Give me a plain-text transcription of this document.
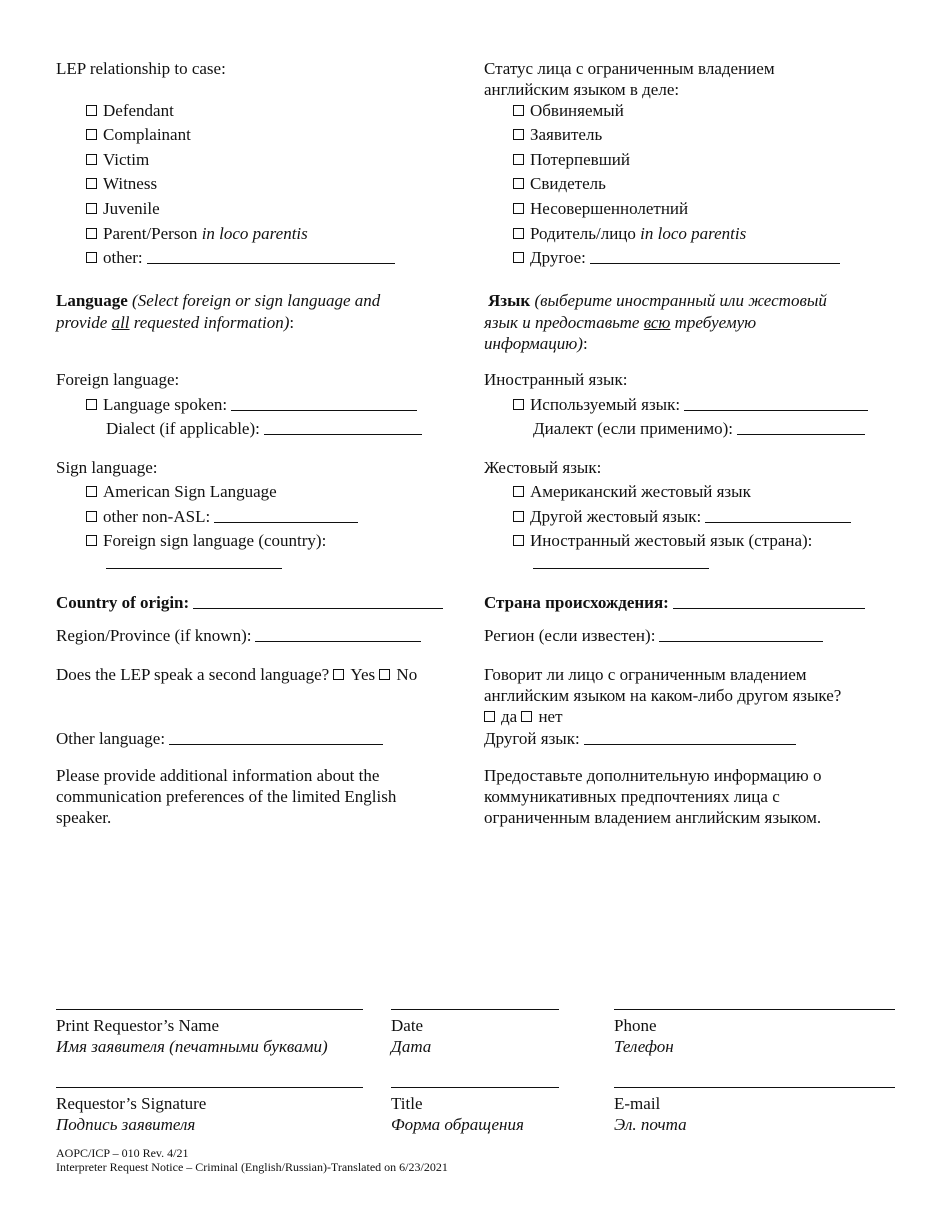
LEP relationship to case:
Defendant
Complainant
Victim
Witness
Juvenile
Parent/Person in loco parentis
other:
Статус лица с ограниченным владением
английским языком в деле:
Обвиняемый
Заявитель
Потерпевший
Свидетель
Несовершеннолетний
Родитель/лицо in loco parentis
Другое:
Language (Select foreign or sign language and
provide all requested information):
Язык (выберите иностранный или жестовый
язык и предоставьте всю требуемую
информацию):
Foreign language:
Language spoken:
Dialect (if applicable):
Иностранный язык:
Используемый язык:
Диалект (если применимо):
Sign language:
American Sign Language
other non-ASL:
Foreign sign language (country):
Жестовый язык:
Американский жестовый язык
Другой жестовый язык:
Иностранный жестовый язык (страна):
Country of origin:
Region/Province (if known):
Страна происхождения:
Регион (если известен):
Does the LEP speak a second language? Yes No
Other language:
Говорит ли лицо с ограниченным владением
английским языком на каком-либо другом языке?
да нет
Другой язык:
Please provide additional information about the
communication preferences of the limited English
speaker.
Предоставьте дополнительную информацию о
коммуникативных предпочтениях лица с
ограниченным владением английским языком.
Print Requestor’s Name
Имя заявителя (печатными буквами)
Date
Дата
Phone
Телефон
Requestor’s Signature
Подпись заявителя
Title
Форма обращения
E-mail
Эл. почта
AOPC/ICP – 010 Rev. 4/21
Interpreter Request Notice – Criminal (English/Russian)-Translated on 6/23/2021
